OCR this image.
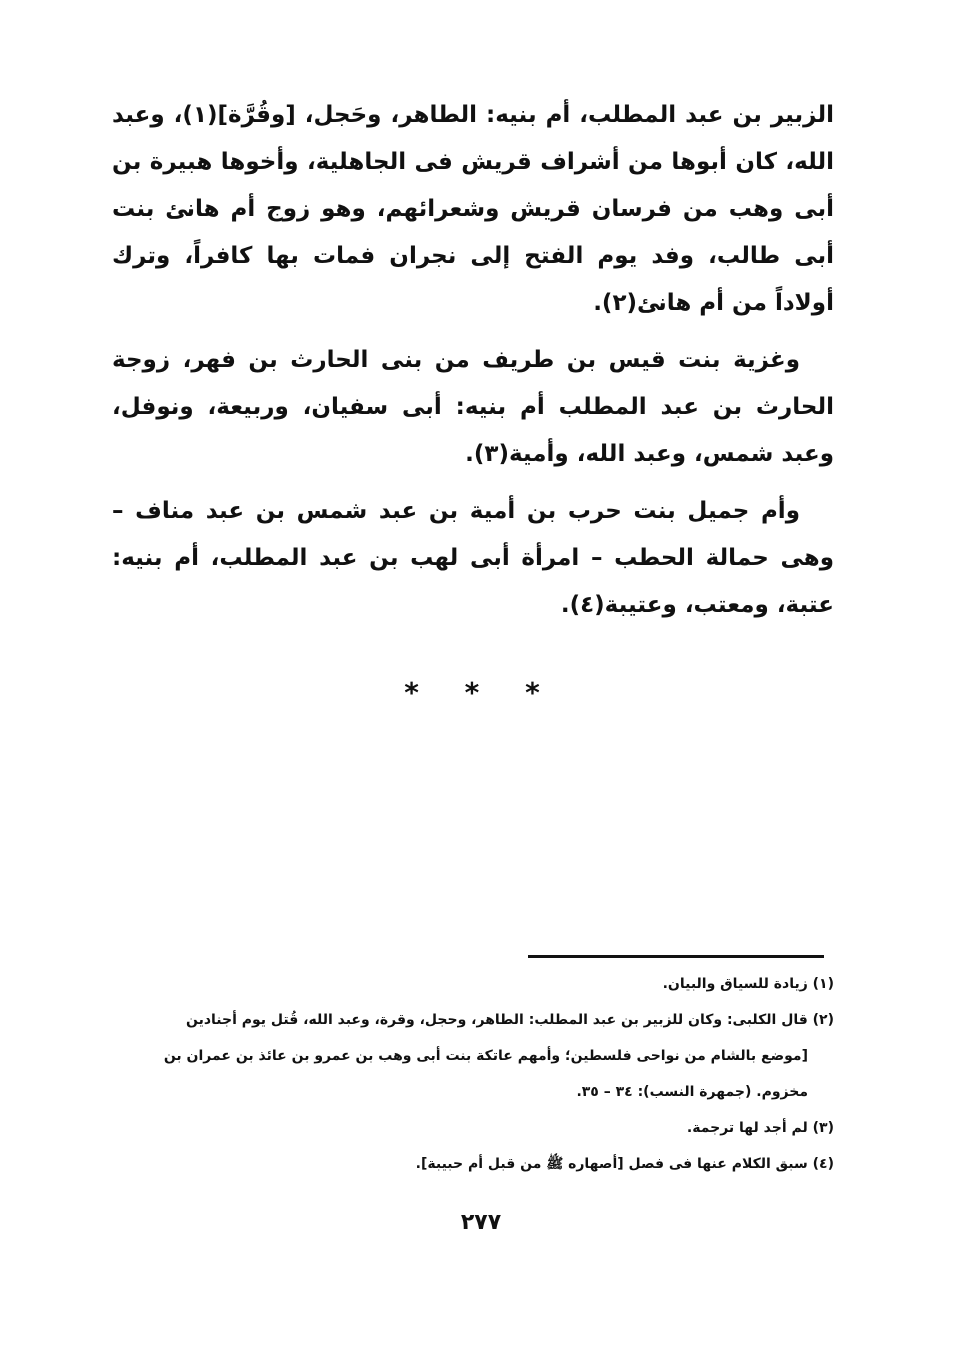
الزبير بن عبد المطلب، أم بنيه: الطاهر، وحَجل، [وقُرَّة](١)، وعبد الله، كان أبوها من أشراف قريش فى الجاهلية، وأخوها هبيرة بن أبى وهب من فرسان قريش وشعرائهم، وهو زوج أم هانئ بنت أبى طالب، وفد يوم الفتح إلى نجران فمات بها كافراً، وترك أولاداً من أم هانئ(٢).

وغزية بنت قيس بن طريف من بنى الحارث بن فهر، زوجة الحارث بن عبد المطلب أم بنيه: أبى سفيان، وربيعة، ونوفل، وعبد شمس، وعبد الله، وأمية(٣).

وأم جميل بنت حرب بن أمية بن عبد شمس بن عبد مناف – وهى حمالة الحطب – امرأة أبى لهب بن عبد المطلب، أم بنيه: عتبة، ومعتب، وعتيبة(٤).

* * *

(١) زيادة للسياق والبيان.

(٢) قال الكلبى: وكان للزبير بن عبد المطلب: الطاهر، وحجل، وقرة، وعبد الله، قُتل يوم أجنادين

[موضع بالشام من نواحى فلسطين؛ وأمهم عاتكة بنت أبى وهب بن عمرو بن عائذ بن عمران بن

مخزوم. (جمهرة النسب): ٣٤ – ٣٥.

(٣) لم أجد لها ترجمة.

(٤) سبق الكلام عنها فى فصل [أصهاره ﷺ من قبل أم حبيبة].

٢٧٧
